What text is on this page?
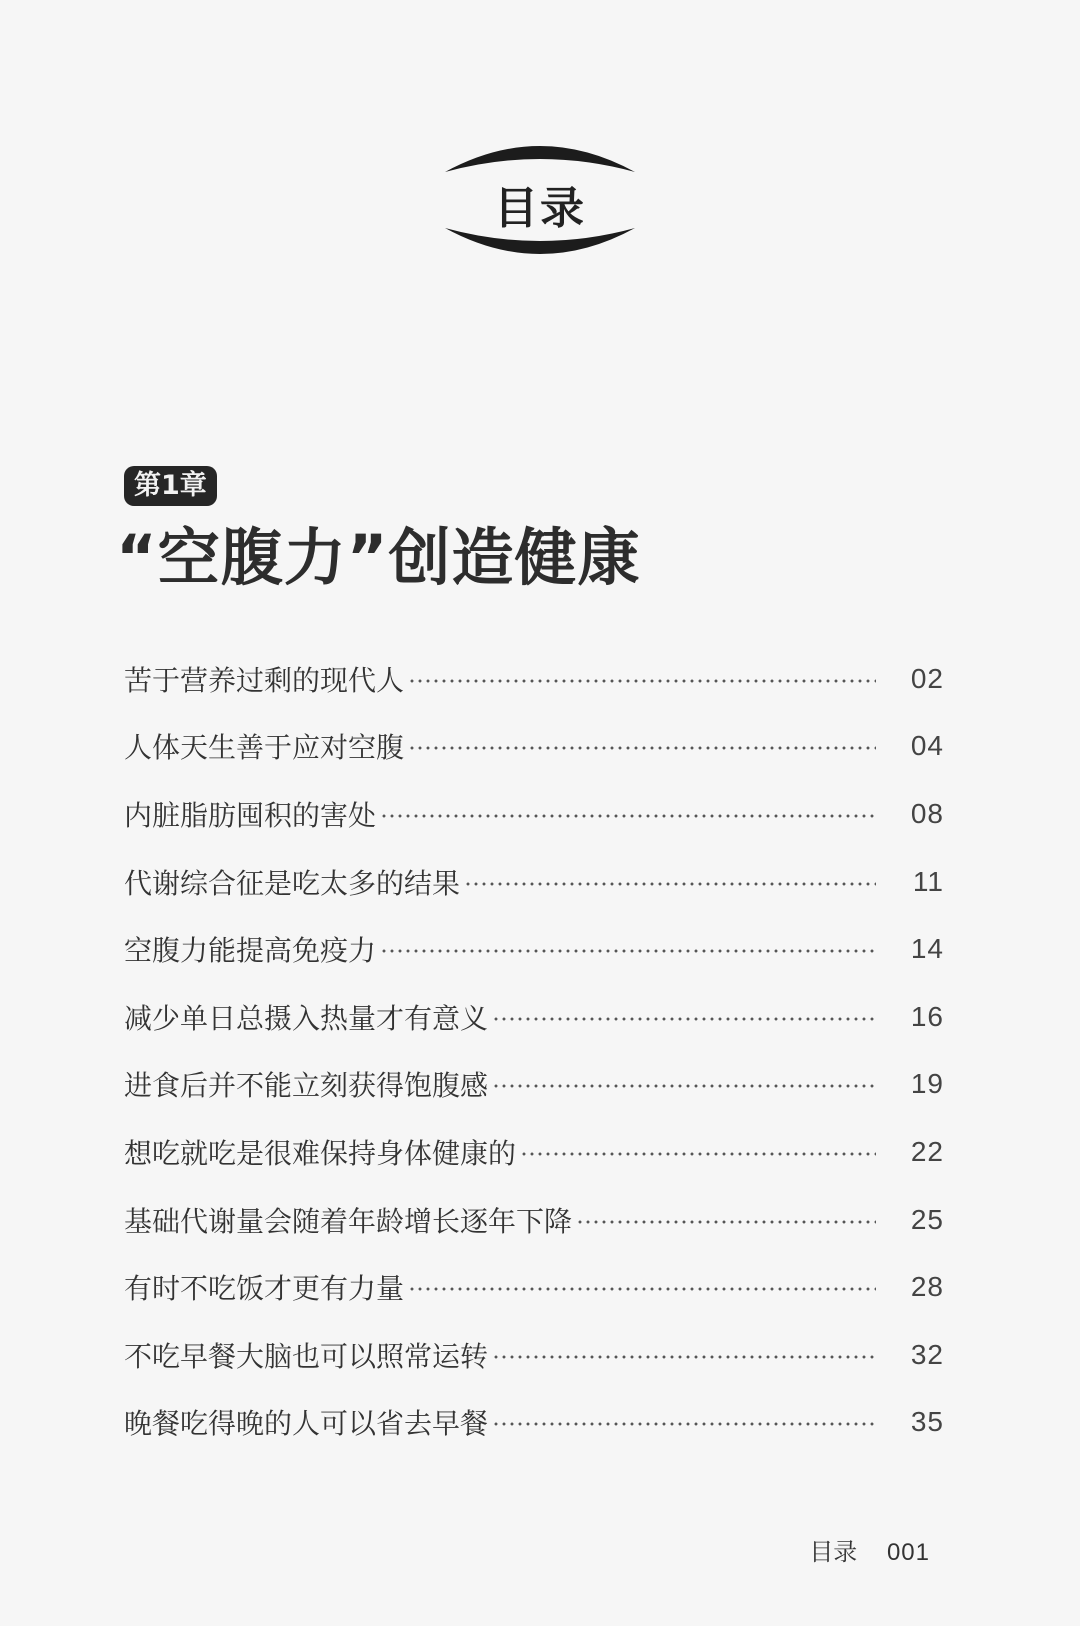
目录
第1章
“空腹力”创造健康
苦于营养过剩的现代人	02
人体天生善于应对空腹	04
内脏脂肪囤积的害处	08
代谢综合征是吃太多的结果	11
空腹力能提高免疫力	14
减少单日总摄入热量才有意义	16
进食后并不能立刻获得饱腹感	19
想吃就吃是很难保持身体健康的	22
基础代谢量会随着年龄增长逐年下降	25
有时不吃饭才更有力量	28
不吃早餐大脑也可以照常运转	32
晚餐吃得晚的人可以省去早餐	35
目录 001
